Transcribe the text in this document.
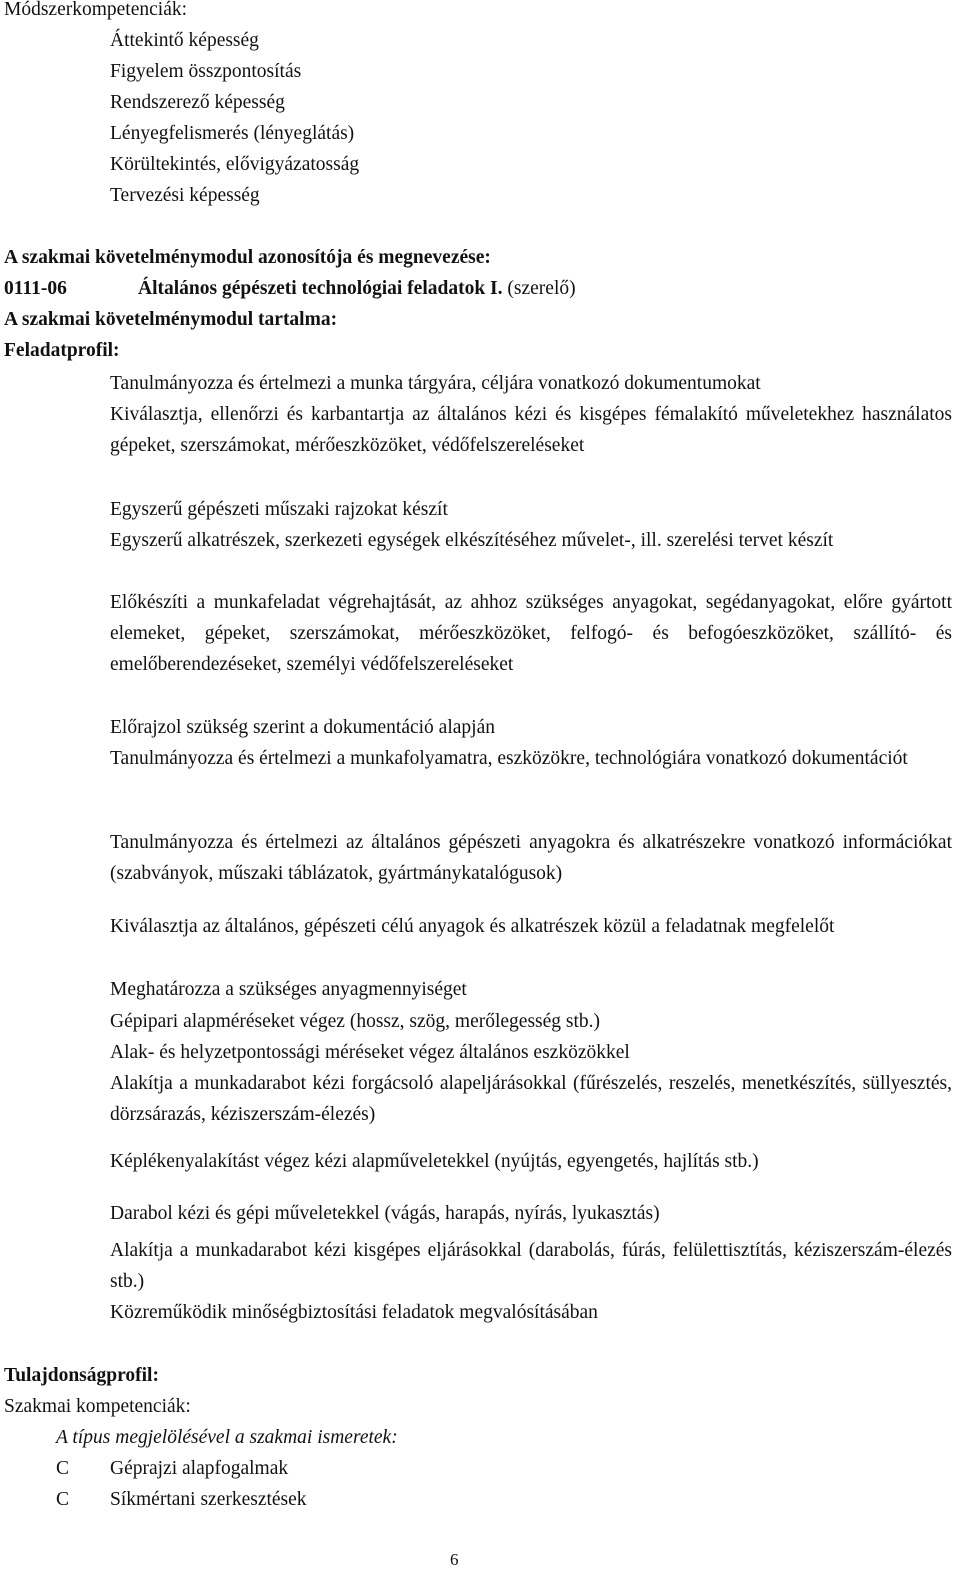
Módszerkompetenciák:
Áttekintő képesség
Figyelem összpontosítás
Rendszerező képesség
Lényegfelismerés (lényeglátás)
Körültekintés, elővigyázatosság
Tervezési képesség
A szakmai követelménymodul azonosítója és megnevezése:
0111-06	Általános gépészeti technológiai feladatok I. (szerelő)
A szakmai követelménymodul tartalma:
Feladatprofil:
Tanulmányozza és értelmezi a munka tárgyára, céljára vonatkozó dokumentumokat
Kiválasztja, ellenőrzi és karbantartja az általános kézi és kisgépes fémalakító műveletekhez használatos gépeket, szerszámokat, mérőeszközöket, védőfelszereléseket
Egyszerű gépészeti műszaki rajzokat készít
Egyszerű alkatrészek, szerkezeti egységek elkészítéséhez művelet-, ill. szerelési tervet készít
Előkészíti a munkafeladat végrehajtását, az ahhoz szükséges anyagokat, segédanyagokat, előre gyártott elemeket, gépeket, szerszámokat, mérőeszközöket, felfogó- és befogóeszközöket, szállító- és emelőberendezéseket, személyi védőfelszereléseket
Előrajzol szükség szerint a dokumentáció alapján
Tanulmányozza és értelmezi a munkafolyamatra, eszközökre, technológiára vonatkozó dokumentációt
Tanulmányozza és értelmezi az általános gépészeti anyagokra és alkatrészekre vonatkozó információkat (szabványok, műszaki táblázatok, gyártmánykatalógusok)
Kiválasztja az általános, gépészeti célú anyagok és alkatrészek közül a feladatnak megfelelőt
Meghatározza a szükséges anyagmennyiséget
Gépipari alapméréseket végez (hossz, szög, merőlegesség stb.)
Alak- és helyzetpontossági méréseket végez általános eszközökkel
Alakítja a munkadarabot kézi forgácsoló alapeljárásokkal (fűrészelés, reszelés, menetkészítés, süllyesztés, dörzsárazás, kéziszerszám-élezés)
Képlékenyalakítást végez kézi alapműveletekkel (nyújtás, egyengetés, hajlítás stb.)
Darabol kézi és gépi műveletekkel (vágás, harapás, nyírás, lyukasztás)
Alakítja a munkadarabot kézi kisgépes eljárásokkal (darabolás, fúrás, felülettisztítás, kéziszerszám-élezés stb.)
Közreműködik minőségbiztosítási feladatok megvalósításában
Tulajdonságprofil:
Szakmai kompetenciák:
A típus megjelölésével a szakmai ismeretek:
C Géprajzi alapfogalmak
C Síkmértani szerkesztések
6
